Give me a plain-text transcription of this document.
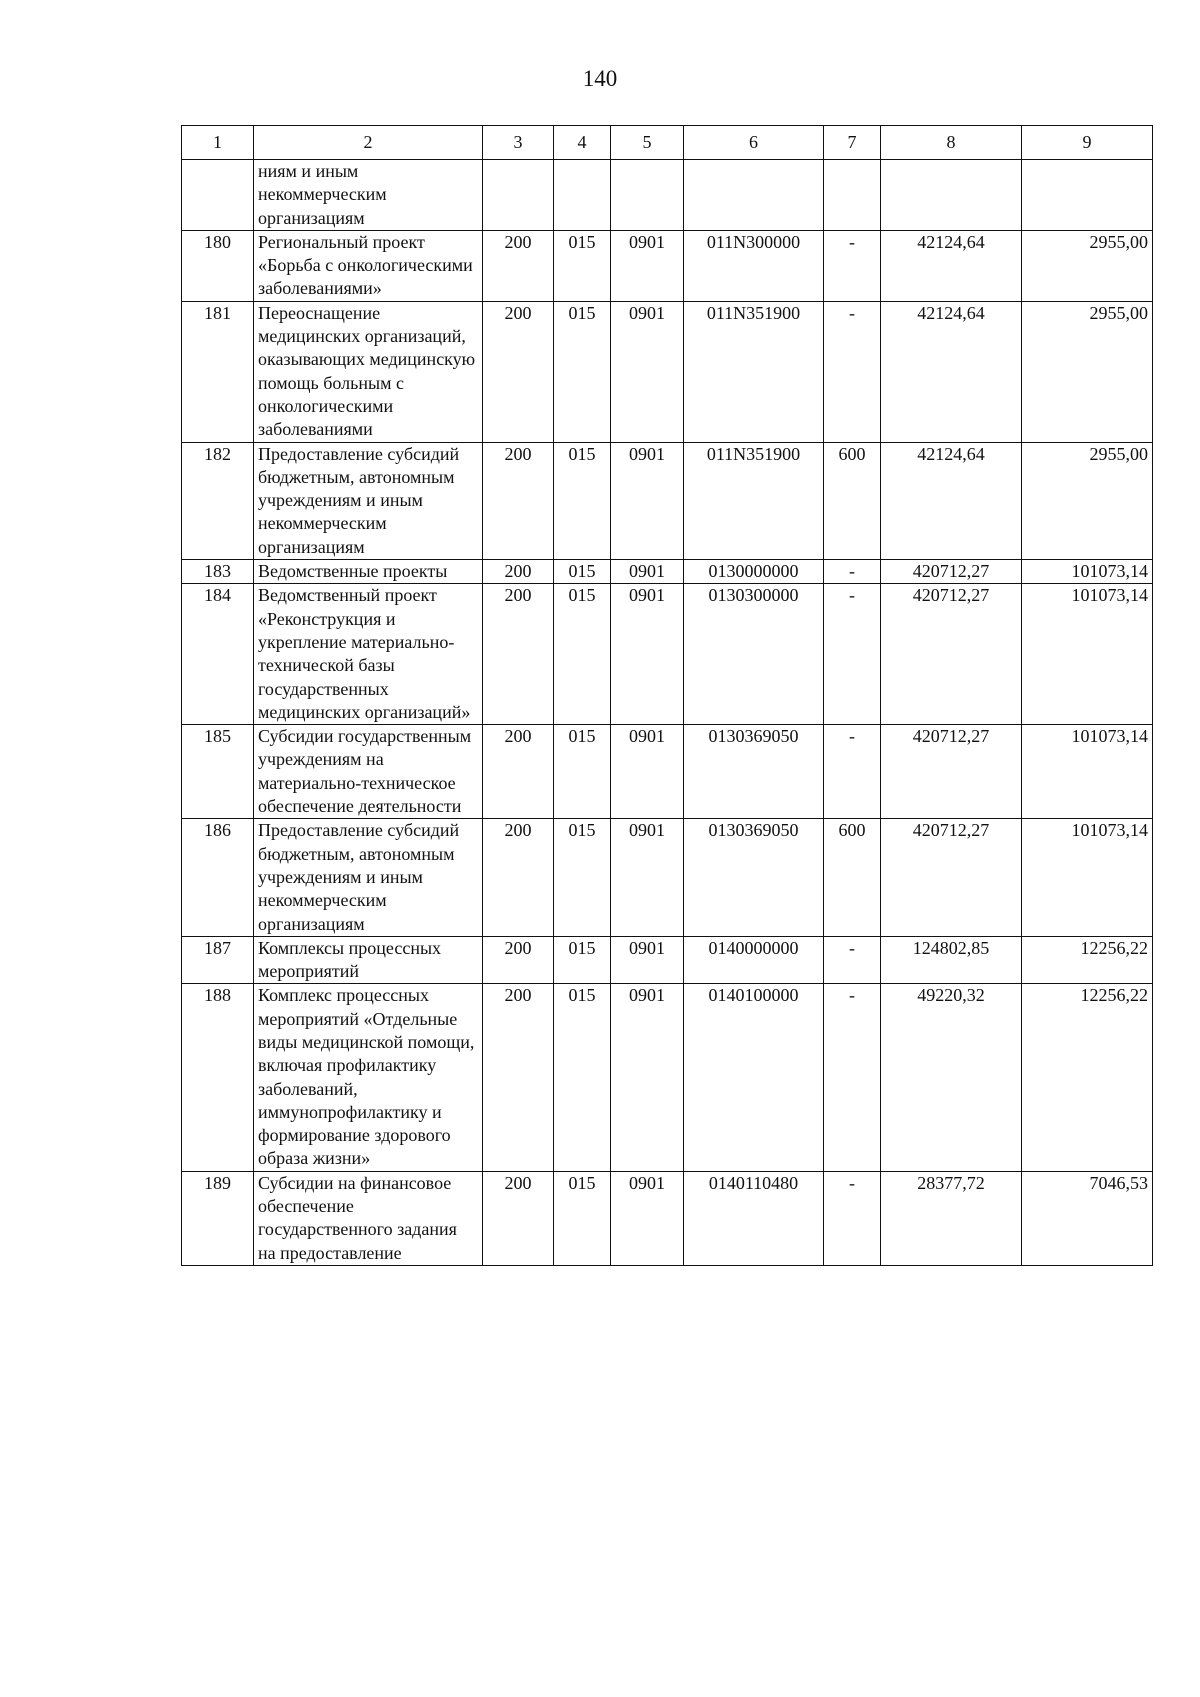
140
1	2	3	4	5	6	7	8	9
	ниям и иным некоммерческим организациям							
180	Региональный проект «Борьба с онкологическими заболеваниями»	200	015	0901	011N300000	-	42124,64	2955,00
181	Переоснащение медицинских организаций, оказывающих медицинскую помощь больным с онкологическими заболеваниями	200	015	0901	011N351900	-	42124,64	2955,00
182	Предоставление субсидий бюджетным, автономным учреждениям и иным некоммерческим организациям	200	015	0901	011N351900	600	42124,64	2955,00
183	Ведомственные проекты	200	015	0901	0130000000	-	420712,27	101073,14
184	Ведомственный проект «Реконструкция и укрепление материально-технической базы государственных медицинских организаций»	200	015	0901	0130300000	-	420712,27	101073,14
185	Субсидии государственным учреждениям на материально-техническое обеспечение деятельности	200	015	0901	0130369050	-	420712,27	101073,14
186	Предоставление субсидий бюджетным, автономным учреждениям и иным некоммерческим организациям	200	015	0901	0130369050	600	420712,27	101073,14
187	Комплексы процессных мероприятий	200	015	0901	0140000000	-	124802,85	12256,22
188	Комплекс процессных мероприятий «Отдельные виды медицинской помощи, включая профилактику заболеваний, иммунопрофилактику и формирование здорового образа жизни»	200	015	0901	0140100000	-	49220,32	12256,22
189	Субсидии на финансовое обеспечение государственного задания на предоставление	200	015	0901	0140110480	-	28377,72	7046,53
